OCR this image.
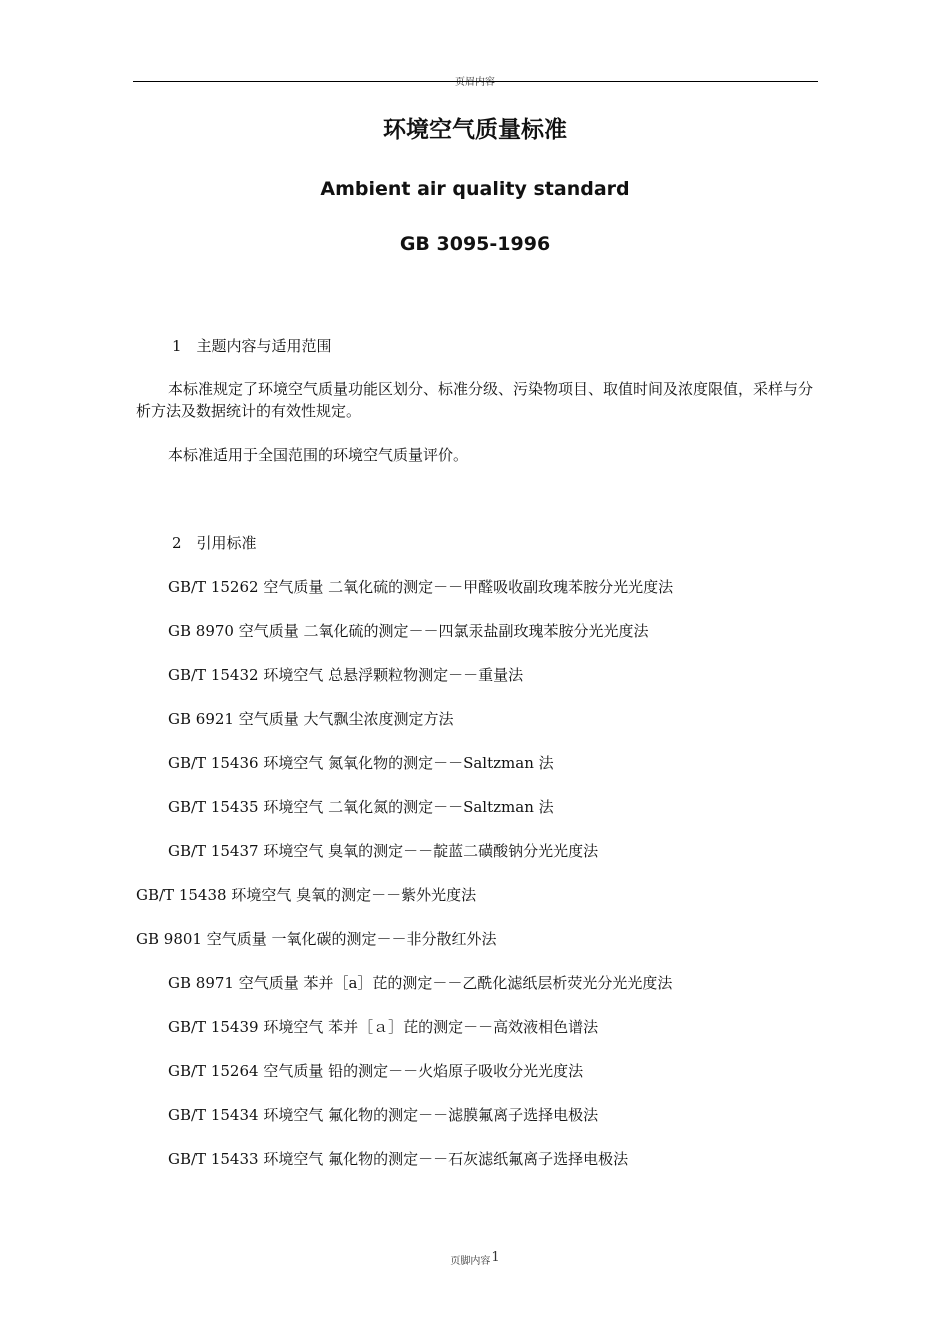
页眉内容
环境空气质量标准
Ambient air quality standard
GB 3095-1996
1　主题内容与适用范围
本标准规定了环境空气质量功能区划分、标准分级、污染物项目、取值时间及浓度限值，采样与分析方法及数据统计的有效性规定。
本标准适用于全国范围的环境空气质量评价。
2　引用标准
GB/T 15262 空气质量 二氧化硫的测定－－甲醛吸收副玫瑰苯胺分光光度法
GB 8970 空气质量 二氧化硫的测定－－四氯汞盐副玫瑰苯胺分光光度法
GB/T 15432 环境空气 总悬浮颗粒物测定－－重量法
GB 6921 空气质量 大气飘尘浓度测定方法
GB/T 15436 环境空气 氮氧化物的测定－－Saltzman 法
GB/T 15435 环境空气 二氧化氮的测定－－Saltzman 法
GB/T 15437 环境空气 臭氧的测定－－靛蓝二磺酸钠分光光度法
GB/T 15438 环境空气 臭氧的测定－－紫外光度法
GB 9801 空气质量 一氧化碳的测定－－非分散红外法
GB 8971 空气质量 苯并［a］芘的测定－－乙酰化滤纸层析荧光分光光度法
GB/T 15439 环境空气 苯并［ａ］芘的测定－－高效液相色谱法
GB/T 15264 空气质量 铅的测定－－火焰原子吸收分光光度法
GB/T 15434 环境空气 氟化物的测定－－滤膜氟离子选择电极法
GB/T 15433 环境空气 氟化物的测定－－石灰滤纸氟离子选择电极法
页脚内容1
